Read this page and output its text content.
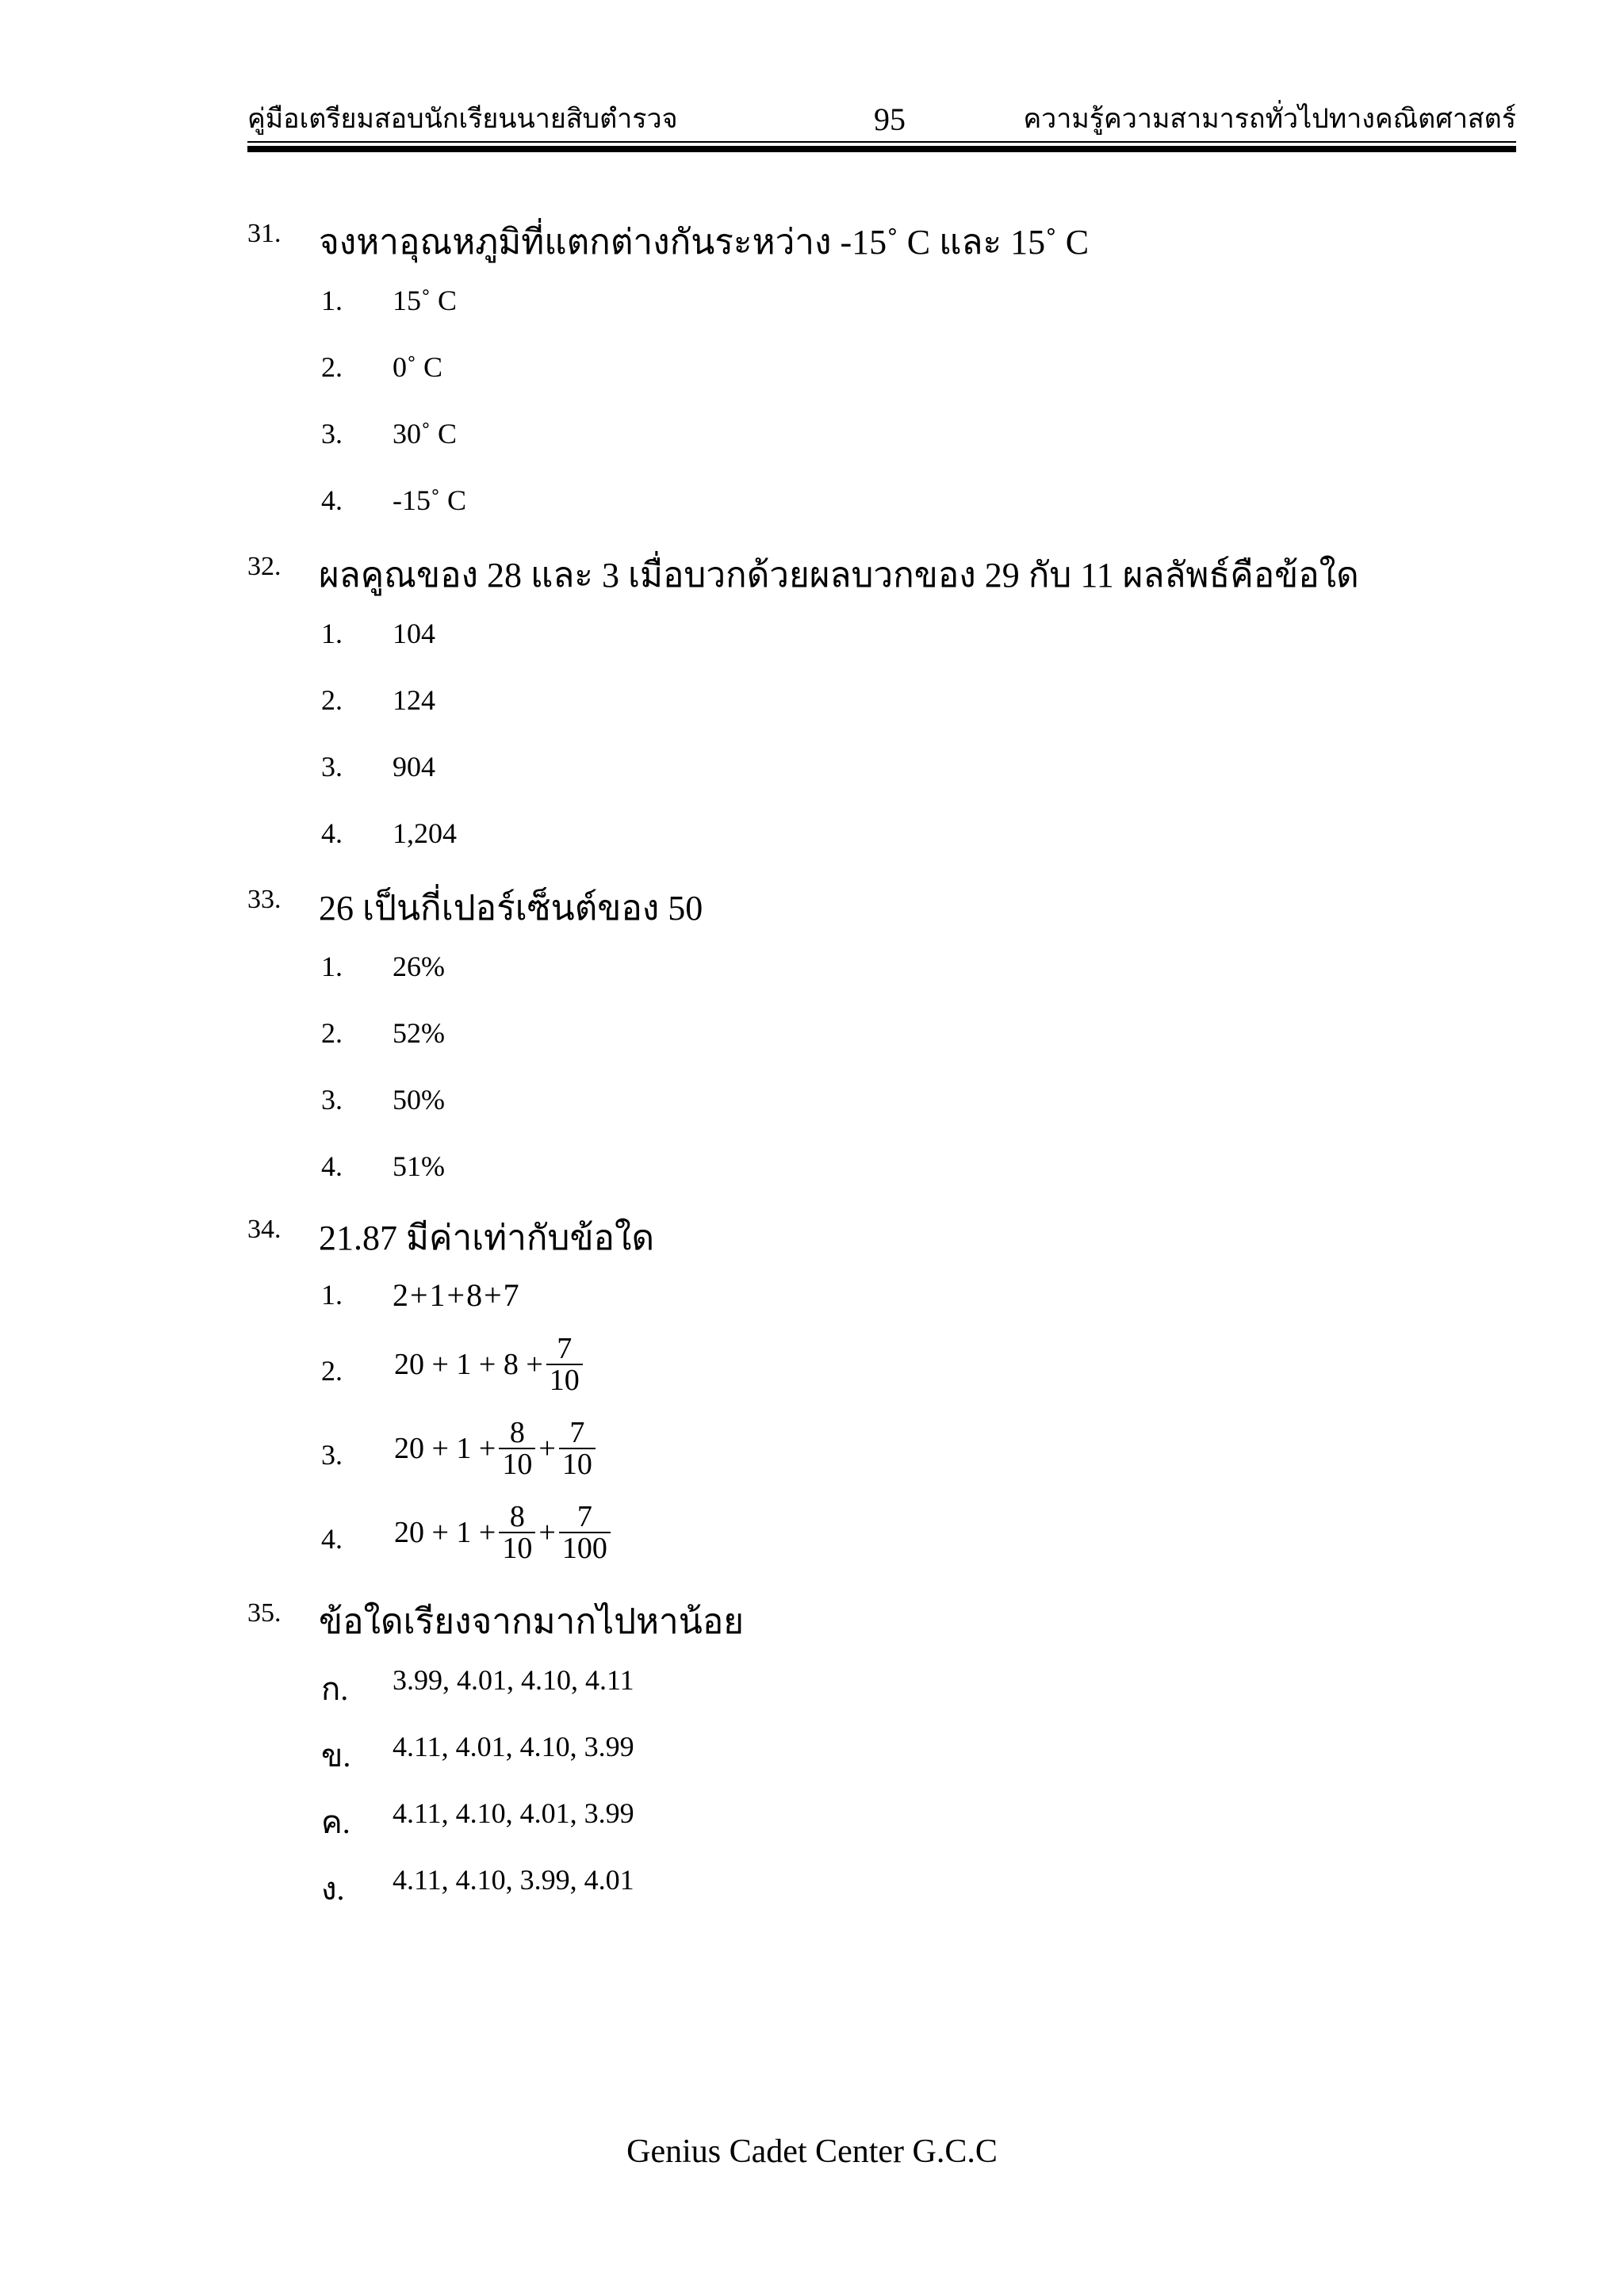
คู่มือเตรียมสอบนักเรียนนายสิบตำรวจ	95	ความรู้ความสามารถทั่วไปทางคณิตศาสตร์
31.	จงหาอุณหภูมิที่แตกต่างกันระหว่าง -15˚ C และ 15˚ C
1.	15˚ C
2.	0˚ C
3.	30˚ C
4.	-15˚ C
32.	ผลคูณของ 28 และ 3 เมื่อบวกด้วยผลบวกของ 29 กับ 11 ผลลัพธ์คือข้อใด
1.	104
2.	124
3.	904
4.	1,204
33.	26 เป็นกี่เปอร์เซ็นต์ของ 50
1.	26%
2.	52%
3.	50%
4.	51%
34.	21.87 มีค่าเท่ากับข้อใด
1.	2+1+8+7
2.	$20 + 1 + 8 + \frac{7}{10}$
3.	$20 + 1 + \frac{8}{10} + \frac{7}{10}$
4.	$20 + 1 + \frac{8}{10} + \frac{7}{100}$
35.	ข้อใดเรียงจากมากไปหาน้อย
ก.	3.99, 4.01, 4.10, 4.11
ข.	4.11, 4.01, 4.10, 3.99
ค.	4.11, 4.10, 4.01, 3.99
ง.	4.11, 4.10, 3.99, 4.01
Genius Cadet Center G.C.C
